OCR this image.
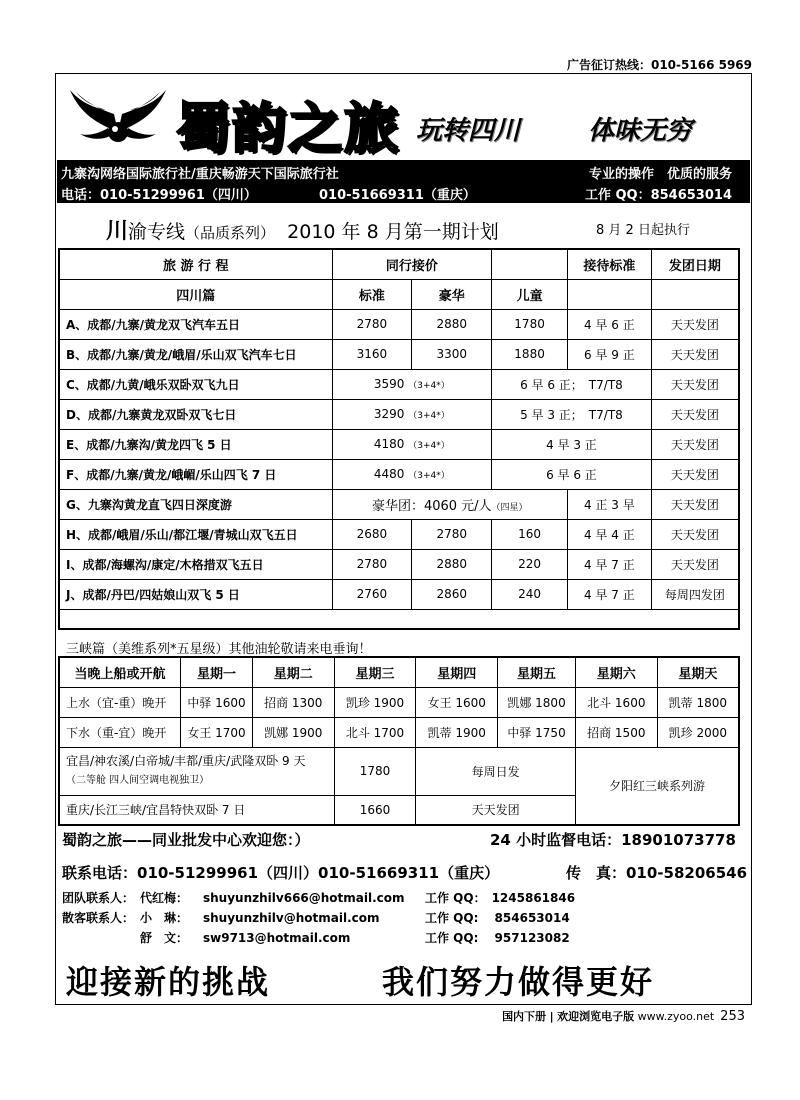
广告征订热线：010-5166 5969
蜀韵之旅 玩转四川	体味无穷
九寨沟网络国际旅行社/重庆畅游天下国际旅行社	专业的操作　优质的服务
电话：010-51299961（四川）	010-51669311（重庆）	工作 QQ：854653014
川渝专线（品质系列） 2010 年 8 月第一期计划	8 月 2 日起执行
旅 游 行 程	同行接价			接待标准	发团日期
四川篇	标准	豪华	儿童		
A、成都/九寨/黄龙双飞汽车五日	2780	2880	1780	4 早 6 正	天天发团
B、成都/九寨/黄龙/峨眉/乐山双飞汽车七日	3160	3300	1880	6 早 9 正	天天发团
C、成都/九黄/峨乐双卧双飞九日	3590 （3+4*）		6 早 6 正；　T7/T8		天天发团
D、成都/九寨黄龙双卧双飞七日	3290 （3+4*）		5 早 3 正；　T7/T8		天天发团
E、成都/九寨沟/黄龙四飞 5 日	4180 （3+4*）		4 早 3 正		天天发团
F、成都/九寨/黄龙/峨嵋/乐山四飞 7 日	4480 （3+4*）		6 早 6 正		天天发团
G、九寨沟黄龙直飞四日深度游	豪华团：4060 元/人（四星）			4 正 3 早	天天发团
H、成都/峨眉/乐山/都江堰/青城山双飞五日	2680	2780	160	4 早 4 正	天天发团
I、成都/海螺沟/康定/木格措双飞五日	2780	2880	220	4 早 7 正	天天发团
J、成都/丹巴/四姑娘山双飞 5 日	2760	2860	240	4 早 7 正	每周四发团

三峡篇（美维系列*五星级）其他油轮敬请来电垂询！
当晚上船或开航	星期一	星期二	星期三	星期四	星期五	星期六	星期天
上水（宜-重）晚开	中驿 1600	招商 1300	凯珍 1900	女王 1600	凯娜 1800	北斗 1600	凯蒂 1800
下水（重-宜）晚开	女王 1700	凯娜 1900	北斗 1700	凯蒂 1900	中驿 1750	招商 1500	凯珍 2000
宜昌/神农溪/白帝城/丰都/重庆/武隆双卧 9 天
（二等舱 四人间空调电视独卫）			1780	每周日发		夕阳红三峡系列游	
重庆/长江三峡/宜昌特快双卧 7 日			1660	天天发团			
蜀韵之旅——同业批发中心欢迎您：）	24 小时监督电话：18901073778
联系电话：010-51299961（四川）010-51669311（重庆）	传　真：010-58206546
团队联系人： 代红梅： shuyunzhilv666@hotmail.com 工作 QQ：　1245861846
散客联系人： 小　琳： shuyunzhilv@hotmail.com	工作 QQ:　 854653014
舒　文： sw9713@hotmail.com	工作 QQ:　 957123082
迎接新的挑战	我们努力做得更好
国内下册 | 欢迎浏览电子版 www.zyoo.net 253
